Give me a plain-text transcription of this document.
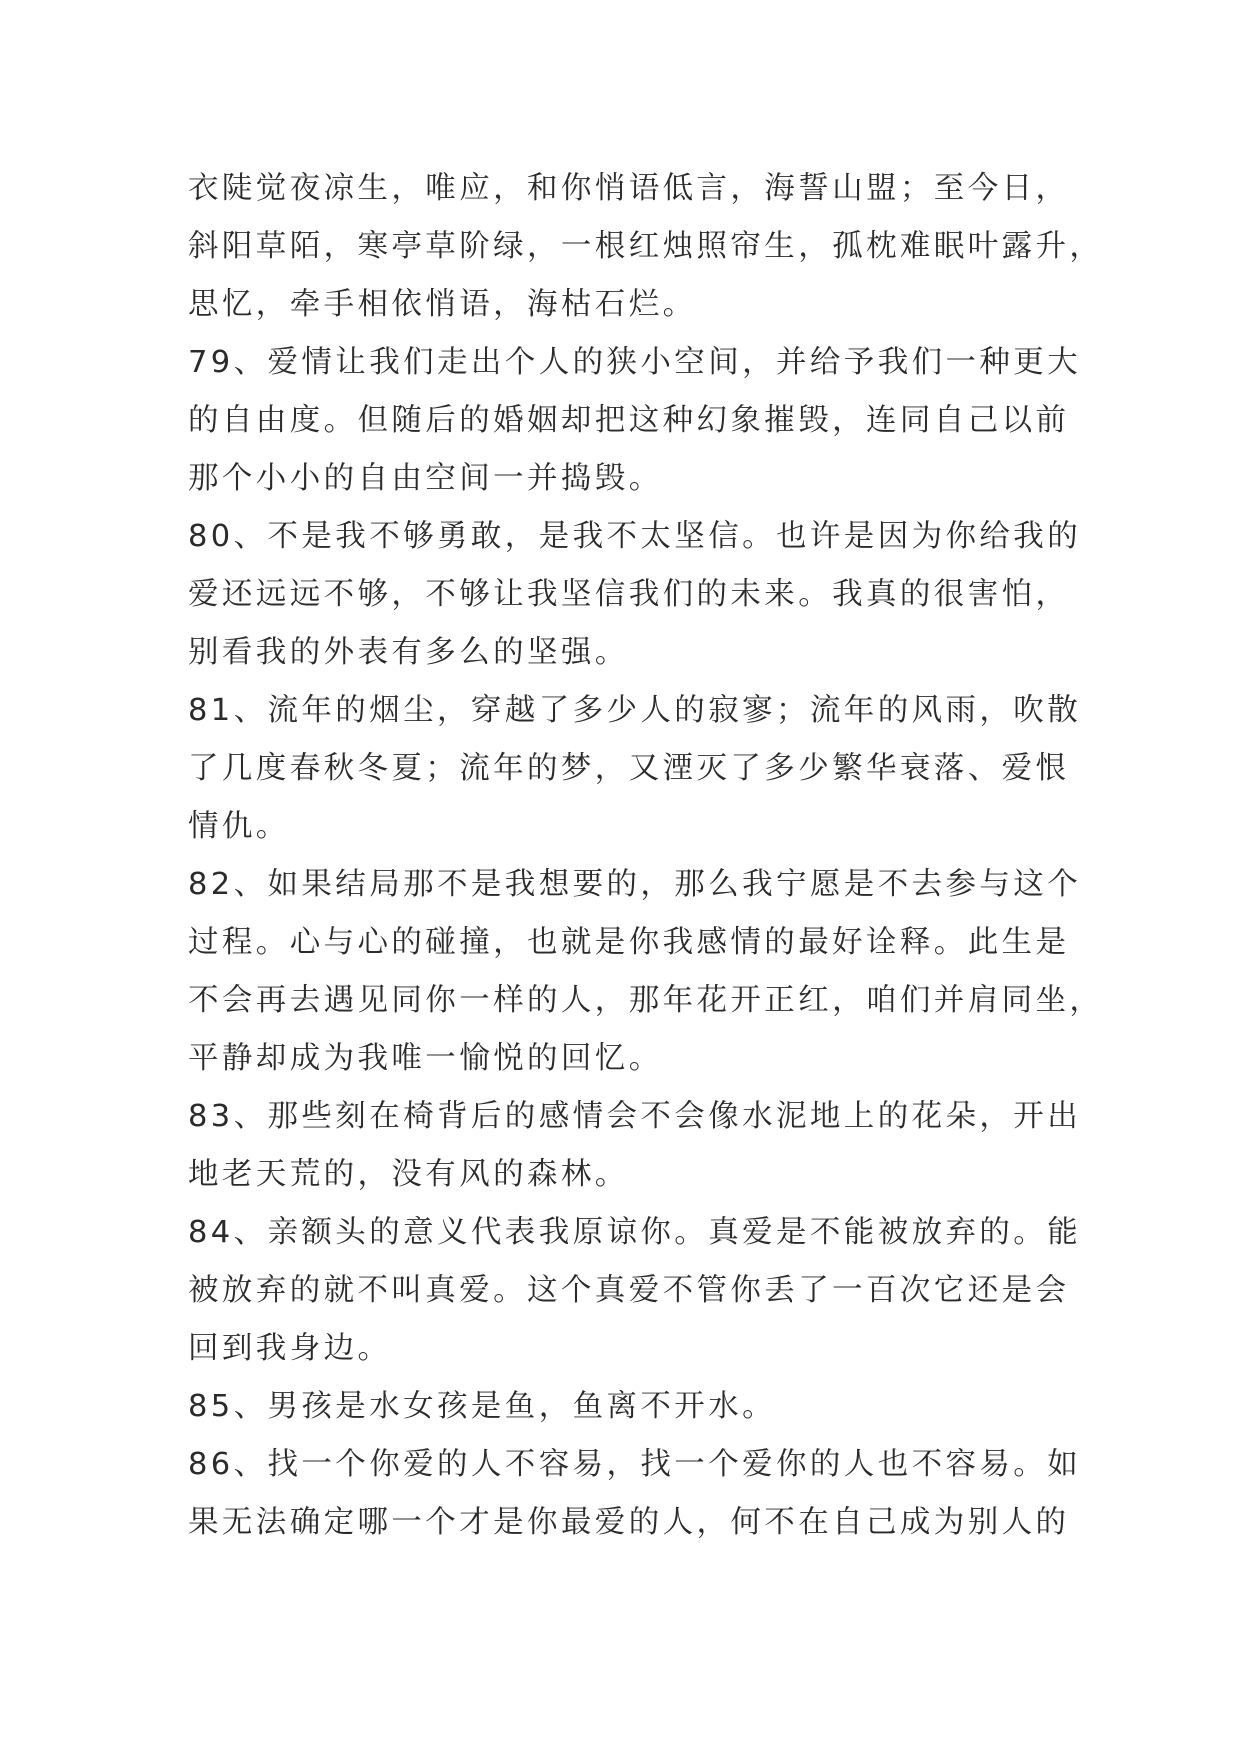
衣陡觉夜凉生，唯应，和你悄语低言，海誓山盟；至今日，
斜阳草陌，寒亭草阶绿，一根红烛照帘生，孤枕难眠叶露升，
思忆，牵手相依悄语，海枯石烂。
79、爱情让我们走出个人的狭小空间，并给予我们一种更大
的自由度。但随后的婚姻却把这种幻象摧毁，连同自己以前
那个小小的自由空间一并捣毁。
80、不是我不够勇敢，是我不太坚信。也许是因为你给我的
爱还远远不够，不够让我坚信我们的未来。我真的很害怕，
别看我的外表有多么的坚强。
81、流年的烟尘，穿越了多少人的寂寥；流年的风雨，吹散
了几度春秋冬夏；流年的梦，又湮灭了多少繁华衰落、爱恨
情仇。
82、如果结局那不是我想要的，那么我宁愿是不去参与这个
过程。心与心的碰撞，也就是你我感情的最好诠释。此生是
不会再去遇见同你一样的人，那年花开正红，咱们并肩同坐，
平静却成为我唯一愉悦的回忆。
83、那些刻在椅背后的感情会不会像水泥地上的花朵，开出
地老天荒的，没有风的森林。
84、亲额头的意义代表我原谅你。真爱是不能被放弃的。能
被放弃的就不叫真爱。这个真爱不管你丢了一百次它还是会
回到我身边。
85、男孩是水女孩是鱼，鱼离不开水。
86、找一个你爱的人不容易，找一个爱你的人也不容易。如
果无法确定哪一个才是你最爱的人，何不在自己成为别人的
